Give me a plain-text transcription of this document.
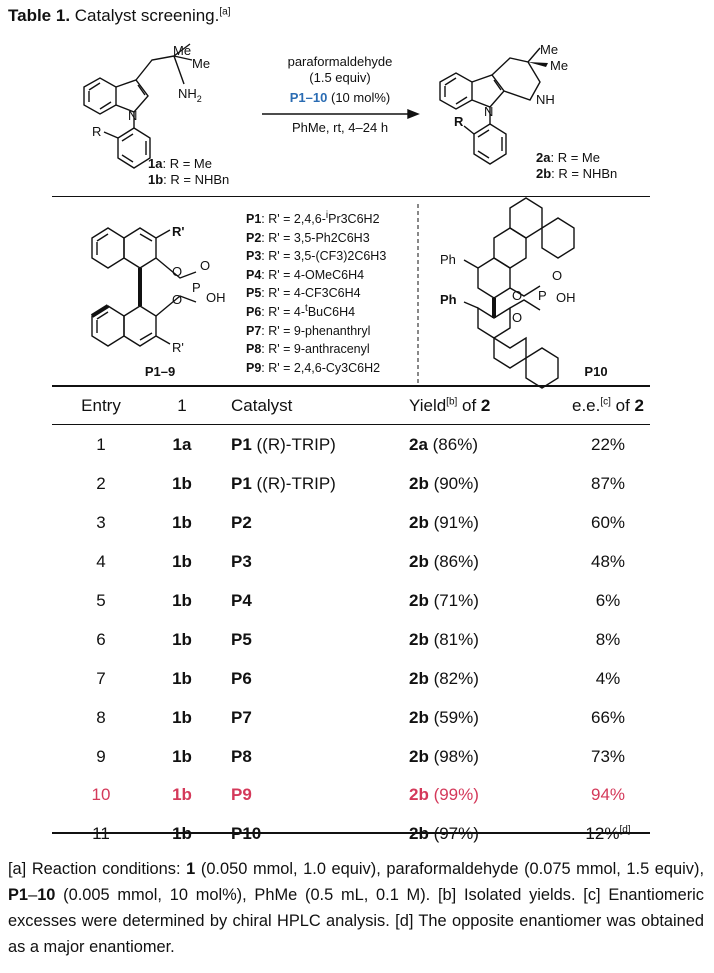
Table 1. Catalyst screening.[a]
Me
Me
$NH_2$
N
R
1a: R = Me
1b: R = NHBn
paraformaldehyde
(1.5 equiv)
P1–10 (10 mol%)
PhMe, rt, 4–24 h
Me
Me
NH
N
R
2a: R = Me
2b: R = NHBn
R'
R'
O
O
P
O
OH
P1–9
Ph
Ph	O
O
P
O
OH
P10
P1: R' = 2,4,6-$^i$Pr3C6H2
P2: R' = 3,5-Ph2C6H3
P3: R' = 3,5-(CF3)2C6H3
P4: R' = 4-OMeC6H4
P5: R' = 4-CF3C6H4
P6: R' = 4-$^t$BuC6H4
P7: R' = 9-phenanthryl
P8: R' = 9-anthracenyl
P9: R' = 2,4,6-Cy3C6H2
Entry	1	Catalyst	Yield[b] of 2	e.e.[c] of 2
1	1a	P1 ((R)-TRIP)	2a (86%)	22%
2	1b	P1 ((R)-TRIP)	2b (90%)	87%
3	1b	P2	2b (91%)	60%
4	1b	P3	2b (86%)	48%
5	1b	P4	2b (71%)	6%
6	1b	P5	2b (81%)	8%
7	1b	P6	2b (82%)	4%
8	1b	P7	2b (59%)	66%
9	1b	P8	2b (98%)	73%
10	1b	P9	2b (99%)	94%
11	1b	P10	2b (97%)	12%[d]
[a] Reaction conditions: 1 (0.050 mmol, 1.0 equiv), paraformaldehyde (0.075 mmol, 1.5 equiv), P1–10 (0.005 mmol, 10 mol%), PhMe (0.5 mL, 0.1 M). [b] Isolated yields. [c] Enantiomeric excesses were determined by chiral HPLC analysis. [d] The opposite enantiomer was obtained as a major enantiomer.
